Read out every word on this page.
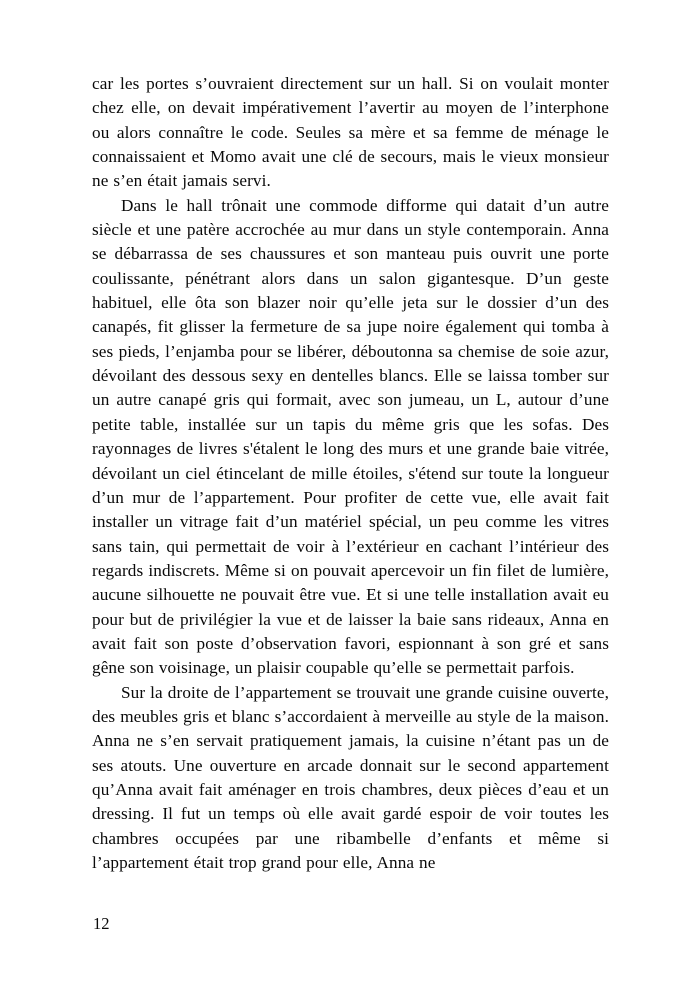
car les portes s’ouvraient directement sur un hall. Si on voulait monter chez elle, on devait impérativement l’avertir au moyen de l’interphone ou alors connaître le code. Seules sa mère et sa femme de ménage le connaissaient et Momo avait une clé de secours, mais le vieux monsieur ne s’en était jamais servi.

Dans le hall trônait une commode difforme qui datait d’un autre siècle et une patère accrochée au mur dans un style contemporain. Anna se débarrassa de ses chaussures et son manteau puis ouvrit une porte coulissante, pénétrant alors dans un salon gigantesque. D’un geste habituel, elle ôta son blazer noir qu’elle jeta sur le dossier d’un des canapés, fit glisser la fermeture de sa jupe noire également qui tomba à ses pieds, l’enjamba pour se libérer, déboutonna sa chemise de soie azur, dévoilant des dessous sexy en dentelles blancs. Elle se laissa tomber sur un autre canapé gris qui formait, avec son jumeau, un L, autour d’une petite table, installée sur un tapis du même gris que les sofas. Des rayonnages de livres s'étalent le long des murs et une grande baie vitrée, dévoilant un ciel étincelant de mille étoiles, s'étend sur toute la longueur d’un mur de l’appartement. Pour profiter de cette vue, elle avait fait installer un vitrage fait d’un matériel spécial, un peu comme les vitres sans tain, qui permettait de voir à l’extérieur en cachant l’intérieur des regards indiscrets. Même si on pouvait apercevoir un fin filet de lumière, aucune silhouette ne pouvait être vue. Et si une telle installation avait eu pour but de privilégier la vue et de laisser la baie sans rideaux, Anna en avait fait son poste d’observation favori, espionnant à son gré et sans gêne son voisinage, un plaisir coupable qu’elle se permettait parfois.

Sur la droite de l’appartement se trouvait une grande cuisine ouverte, des meubles gris et blanc s’accordaient à merveille au style de la maison. Anna ne s’en servait pratiquement jamais, la cuisine n’étant pas un de ses atouts. Une ouverture en arcade donnait sur le second appartement qu’Anna avait fait aménager en trois chambres, deux pièces d’eau et un dressing. Il fut un temps où elle avait gardé espoir de voir toutes les chambres occupées par une ribambelle d’enfants et même si l’appartement était trop grand pour elle, Anna ne

12
